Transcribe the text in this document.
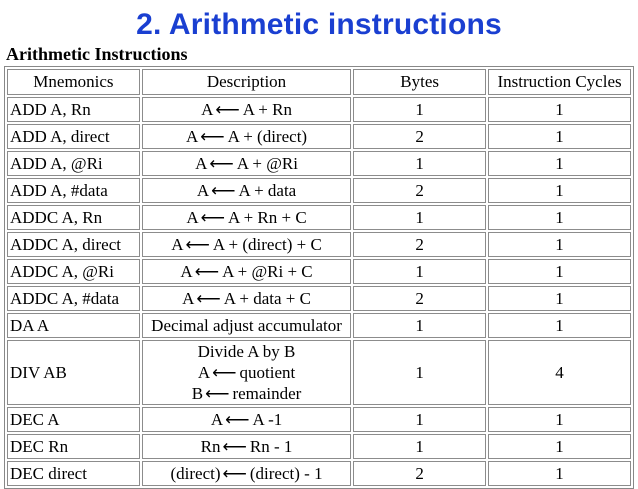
2. Arithmetic instructions
Arithmetic Instructions
Mnemonics	Description	Bytes	Instruction Cycles
ADD A, Rn	A ⟵ A + Rn	1	1
ADD A, direct	A ⟵ A + (direct)	2	1
ADD A, @Ri	A ⟵ A + @Ri	1	1
ADD A, #data	A ⟵ A + data	2	1
ADDC A, Rn	A ⟵ A + Rn + C	1	1
ADDC A, direct	A ⟵ A + (direct) + C	2	1
ADDC A, @Ri	A ⟵ A + @Ri + C	1	1
ADDC A, #data	A ⟵ A + data + C	2	1
DA A	Decimal adjust accumulator	1	1
DIV AB	Divide A by B
A ⟵ quotient
B ⟵ remainder	1	4
DEC A	A ⟵ A -1	1	1
DEC Rn	Rn ⟵ Rn - 1	1	1
DEC direct	(direct) ⟵ (direct) - 1	2	1
